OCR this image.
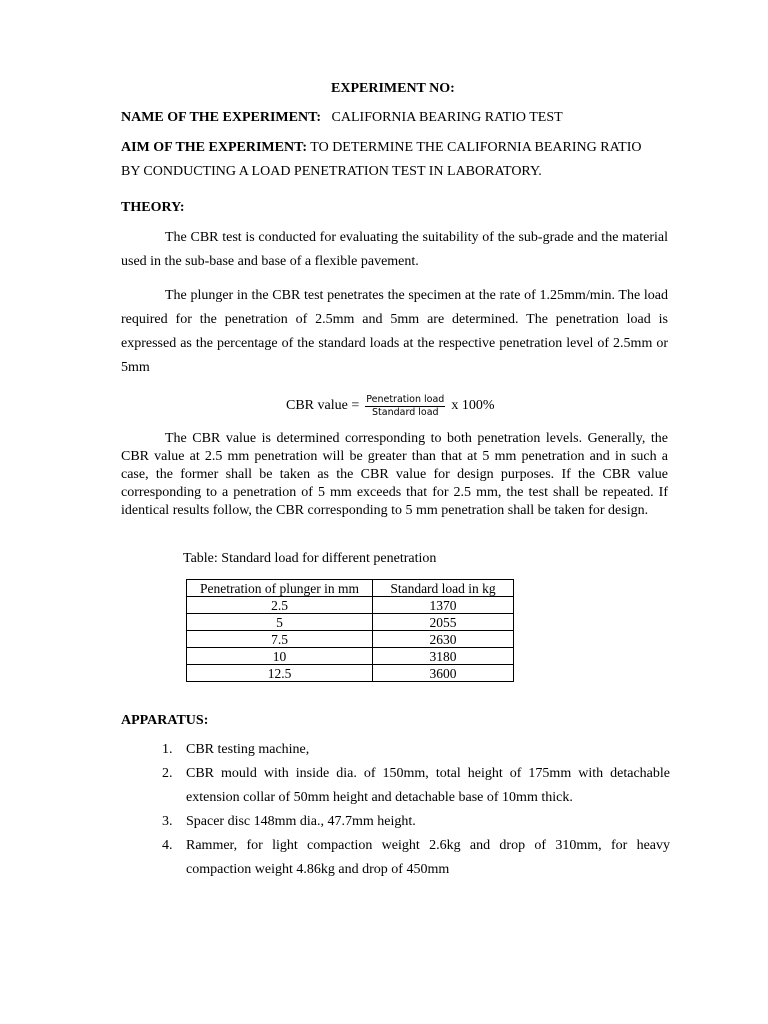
EXPERIMENT NO:
NAME OF THE EXPERIMENT: CALIFORNIA BEARING RATIO TEST
AIM OF THE EXPERIMENT: TO DETERMINE THE CALIFORNIA BEARING RATIO
BY CONDUCTING A LOAD PENETRATION TEST IN LABORATORY.
THEORY:
The CBR test is conducted for evaluating the suitability of the sub-grade and the material used in the sub-base and base of a flexible pavement.
The plunger in the CBR test penetrates the specimen at the rate of 1.25mm/min. The load required for the penetration of 2.5mm and 5mm are determined. The penetration load is expressed as the percentage of the standard loads at the respective penetration level of 2.5mm or 5mm
CBR value = $\frac{\text{Penetration load}}{\text{Standard load}}$ x 100%
The CBR value is determined corresponding to both penetration levels. Generally, the CBR value at 2.5 mm penetration will be greater than that at 5 mm penetration and in such a case, the former shall be taken as the CBR value for design purposes. If the CBR value corresponding to a penetration of 5 mm exceeds that for 2.5 mm, the test shall be repeated. If identical results follow, the CBR corresponding to 5 mm penetration shall be taken for design.
Table: Standard load for different penetration
Penetration of plunger in mm	Standard load in kg
2.5	1370
5	2055
7.5	2630
10	3180
12.5	3600
APPARATUS:
1. CBR testing machine,
2. CBR mould with inside dia. of 150mm, total height of 175mm with detachable extension collar of 50mm height and detachable base of 10mm thick.
3. Spacer disc 148mm dia., 47.7mm height.
4. Rammer, for light compaction weight 2.6kg and drop of 310mm, for heavy compaction weight 4.86kg and drop of 450mm
